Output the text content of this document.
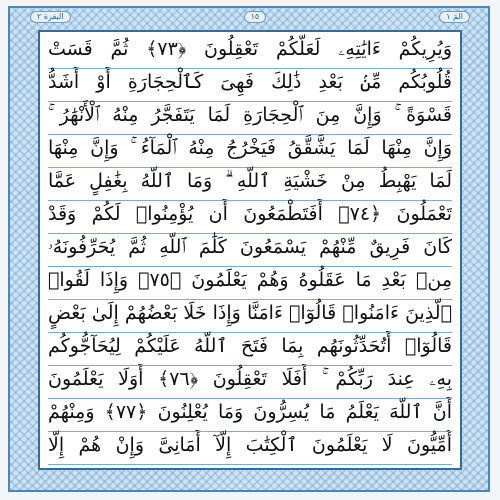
البقرة ٢	١٥	الٓمٓ ١
وَيُرِيكُمْ ءَايَٰتِهِۦ لَعَلَّكُمْ تَعْقِلُونَ ﴿٧٣﴾ ثُمَّ قَسَتْ
قُلُوبُكُم مِّنۢ بَعْدِ ذَٰلِكَ فَهِىَ كَٱلْحِجَارَةِ أَوْ أَشَدُّ
قَسْوَةً ۚ وَإِنَّ مِنَ ٱلْحِجَارَةِ لَمَا يَتَفَجَّرُ مِنْهُ ٱلْأَنْهَٰرُ ۚ
وَإِنَّ مِنْهَا لَمَا يَشَّقَّقُ فَيَخْرُجُ مِنْهُ ٱلْمَآءُ ۚ وَإِنَّ مِنْهَا
لَمَا يَهْبِطُ مِنْ خَشْيَةِ ٱللَّهِ ۗ وَمَا ٱللَّهُ بِغَٰفِلٍ عَمَّا
تَعْمَلُونَ ﴿٧٤﴾ أَفَتَطْمَعُونَ أَن يُؤْمِنُوا۟ لَكُمْ وَقَدْ
كَانَ فَرِيقٌ مِّنْهُمْ يَسْمَعُونَ كَلَٰمَ ٱللَّهِ ثُمَّ يُحَرِّفُونَهُۥ
مِنۢ بَعْدِ مَا عَقَلُوهُ وَهُمْ يَعْلَمُونَ ﴿٧٥﴾ وَإِذَا لَقُوا۟
ٱلَّذِينَ ءَامَنُوا۟ قَالُوٓا۟ ءَامَنَّا وَإِذَا خَلَا بَعْضُهُمْ إِلَىٰ بَعْضٍ
قَالُوٓا۟ أَتُحَدِّثُونَهُم بِمَا فَتَحَ ٱللَّهُ عَلَيْكُمْ لِيُحَآجُّوكُم
بِهِۦ عِندَ رَبِّكُمْ ۚ أَفَلَا تَعْقِلُونَ ﴿٧٦﴾ أَوَلَا يَعْلَمُونَ
أَنَّ ٱللَّهَ يَعْلَمُ مَا يُسِرُّونَ وَمَا يُعْلِنُونَ ﴿٧٧﴾ وَمِنْهُمْ
أُمِّيُّونَ لَا يَعْلَمُونَ ٱلْكِتَٰبَ إِلَّآ أَمَانِىَّ وَإِنْ هُمْ إِلَّا
